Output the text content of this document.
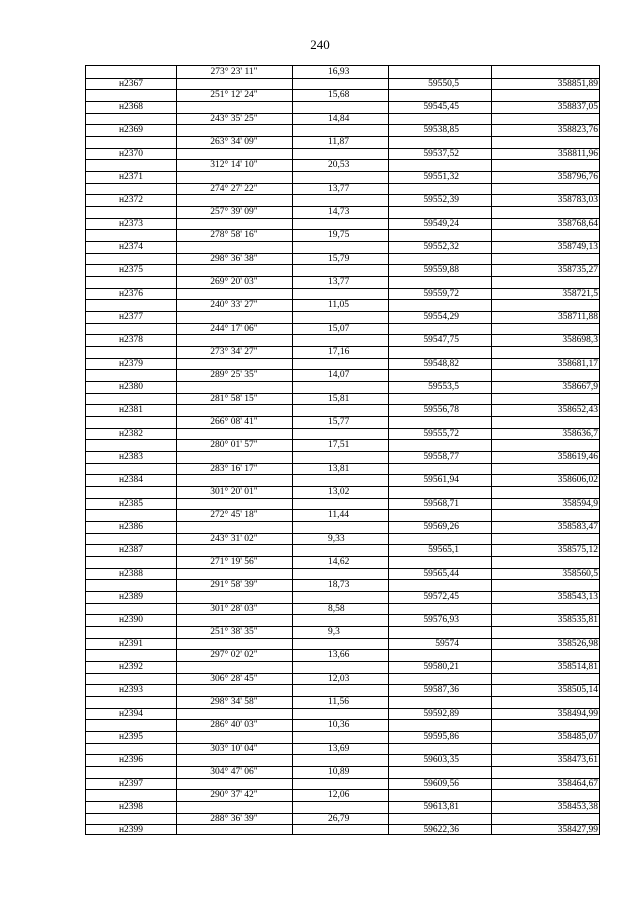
240
273° 23' 11"	16,93
н2367	59550,5	358851,89
251° 12' 24"	15,68
н2368	59545,45	358837,05
243° 35' 25"	14,84
н2369	59538,85	358823,76
263° 34' 09"	11,87
н2370	59537,52	358811,96
312° 14' 10"	20,53
н2371	59551,32	358796,76
274° 27' 22"	13,77
н2372	59552,39	358783,03
257° 39' 09"	14,73
н2373	59549,24	358768,64
278° 58' 16"	19,75
н2374	59552,32	358749,13
298° 36' 38"	15,79
н2375	59559,88	358735,27
269° 20' 03"	13,77
н2376	59559,72	358721,5
240° 33' 27"	11,05
н2377	59554,29	358711,88
244° 17' 06"	15,07
н2378	59547,75	358698,3
273° 34' 27"	17,16
н2379	59548,82	358681,17
289° 25' 35"	14,07
н2380	59553,5	358667,9
281° 58' 15"	15,81
н2381	59556,78	358652,43
266° 08' 41"	15,77
н2382	59555,72	358636,7
280° 01' 57"	17,51
н2383	59558,77	358619,46
283° 16' 17"	13,81
н2384	59561,94	358606,02
301° 20' 01"	13,02
н2385	59568,71	358594,9
272° 45' 18"	11,44
н2386	59569,26	358583,47
243° 31' 02"	9,33
н2387	59565,1	358575,12
271° 19' 56"	14,62
н2388	59565,44	358560,5
291° 58' 39"	18,73
н2389	59572,45	358543,13
301° 28' 03"	8,58
н2390	59576,93	358535,81
251° 38' 35"	9,3
н2391	59574	358526,98
297° 02' 02"	13,66
н2392	59580,21	358514,81
306° 28' 45"	12,03
н2393	59587,36	358505,14
298° 34' 58"	11,56
н2394	59592,89	358494,99
286° 40' 03"	10,36
н2395	59595,86	358485,07
303° 10' 04"	13,69
н2396	59603,35	358473,61
304° 47' 06"	10,89
н2397	59609,56	358464,67
290° 37' 42"	12,06
н2398	59613,81	358453,38
288° 36' 39"	26,79
н2399	59622,36	358427,99
